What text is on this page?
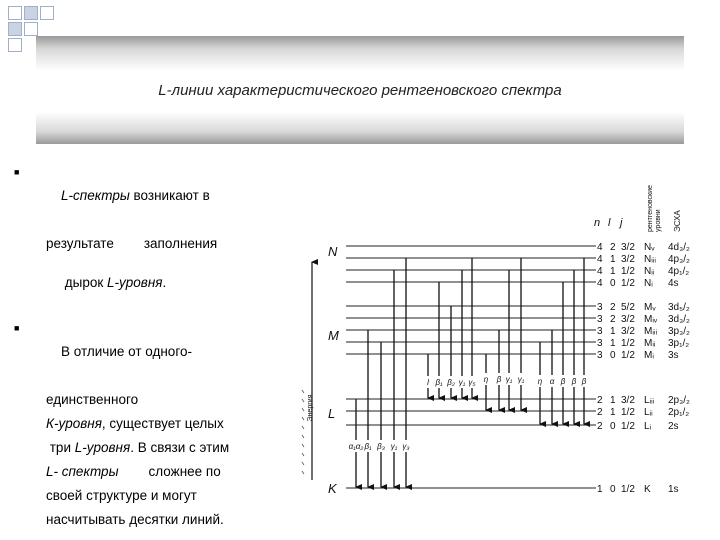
L-линии характеристического рентгеновского спектра

■
L-спектры возникают в

результате        заполнения

дырок L-уровня.

■
В отличие от одного-

единственного
К-уровня, существует целых
три L-уровня. В связи с этим
L- спектры        сложнее по
своей структуре и могут
насчитывать десятки линий.
Энергия
4 2 3/2 Nᵥ 4d₃/₂
4 1 3/2 Nᵢᵢᵢ 4p₃/₂
4 1 1/2 Nᵢᵢ 4p₁/₂
4 0 1/2 Nᵢ 4s
3 2 5/2 Mᵥ 3d₅/₂
3 2 3/2 Mᵢᵥ 3d₃/₂
3 1 3/2 Mᵢᵢᵢ 3p₃/₂
3 1 1/2 Mᵢᵢ 3p₁/₂
3 0 1/2 Mᵢ 3s
2 1 3/2 Lᵢᵢᵢ 2p₃/₂
2 1 1/2 Lᵢᵢ 2p₁/₂
2 0 1/2 Lᵢ 2s
1 0 1/2 K 1s
n l j	рентгеновские уровни ЭСХА
N
M
L
K
α₁α₂ β₁ β₃ γ₁ γ₃
l β₁ β₂ γ₁ γ₅ η β γ₁ γ₁ η α β β β
